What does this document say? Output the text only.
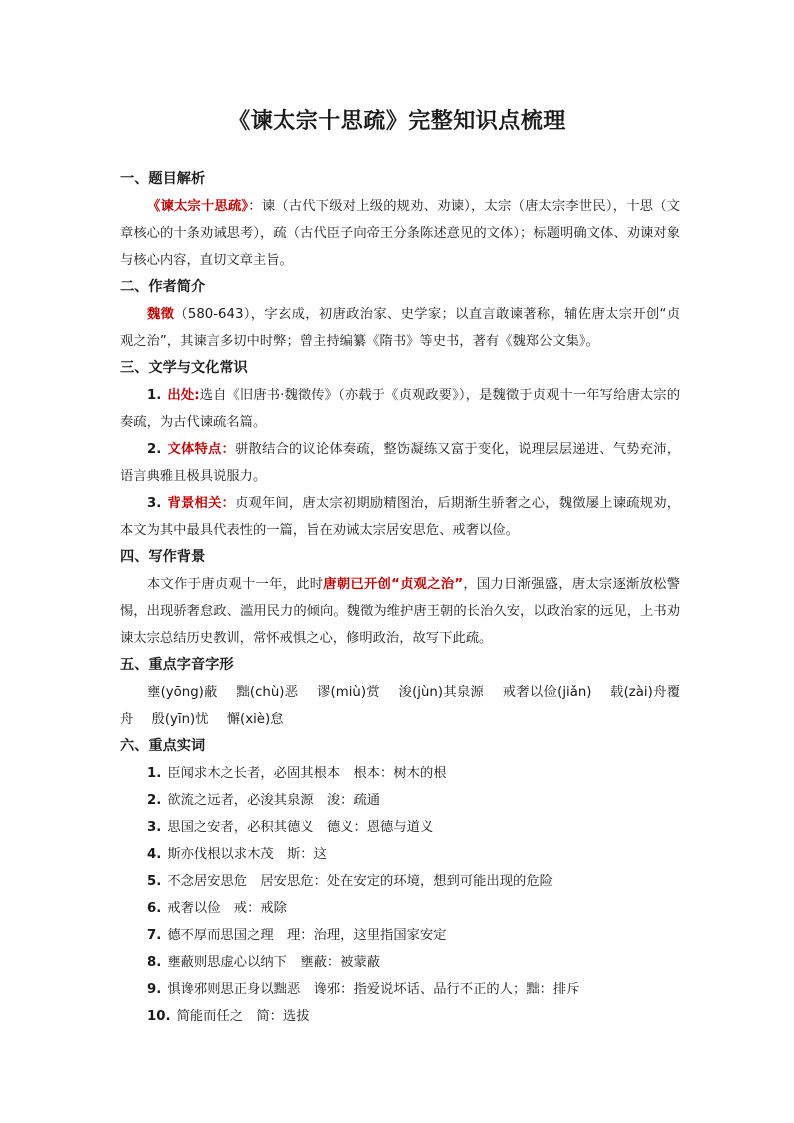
《谏太宗十思疏》完整知识点梳理

一、题目解析

《谏太宗十思疏》：谏（古代下级对上级的规劝、劝谏），太宗（唐太宗李世民），十思（文章核心的十条劝诫思考），疏（古代臣子向帝王分条陈述意见的文体）；标题明确文体、劝谏对象与核心内容，直切文章主旨。

二、作者简介

魏徵（580-643），字玄成，初唐政治家、史学家；以直言敢谏著称，辅佐唐太宗开创“贞观之治”，其谏言多切中时弊；曾主持编纂《隋书》等史书，著有《魏郑公文集》。

三、文学与文化常识

1. 出处:选自《旧唐书·魏徵传》（亦载于《贞观政要》），是魏徵于贞观十一年写给唐太宗的奏疏，为古代谏疏名篇。

2. 文体特点：骈散结合的议论体奏疏，整饬凝练又富于变化，说理层层递进、气势充沛，语言典雅且极具说服力。

3. 背景相关：贞观年间，唐太宗初期励精图治，后期渐生骄奢之心，魏徵屡上谏疏规劝，本文为其中最具代表性的一篇，旨在劝诫太宗居安思危、戒奢以俭。

四、写作背景

本文作于唐贞观十一年，此时唐朝已开创“贞观之治”，国力日渐强盛，唐太宗逐渐放松警惕，出现骄奢怠政、滥用民力的倾向。魏徵为维护唐王朝的长治久安，以政治家的远见，上书劝谏太宗总结历史教训，常怀戒惧之心，修明政治，故写下此疏。

五、重点字音字形

壅(yōng)蔽 黜(chù)恶 谬(miù)赏 浚(jùn)其泉源 戒奢以俭(jiǎn) 载(zài)舟覆舟 殷(yīn)忧 懈(xiè)怠

六、重点实词

1. 臣闻求木之长者，必固其根本　根本：树木的根

2. 欲流之远者，必浚其泉源　浚：疏通

3. 思国之安者，必积其德义　德义：恩德与道义

4. 斯亦伐根以求木茂　斯：这

5. 不念居安思危　居安思危：处在安定的环境，想到可能出现的危险

6. 戒奢以俭　戒：戒除

7. 德不厚而思国之理　理：治理，这里指国家安定

8. 壅蔽则思虚心以纳下　壅蔽：被蒙蔽

9. 惧谗邪则思正身以黜恶　谗邪：指爱说坏话、品行不正的人；黜：排斥

10. 简能而任之　简：选拔
